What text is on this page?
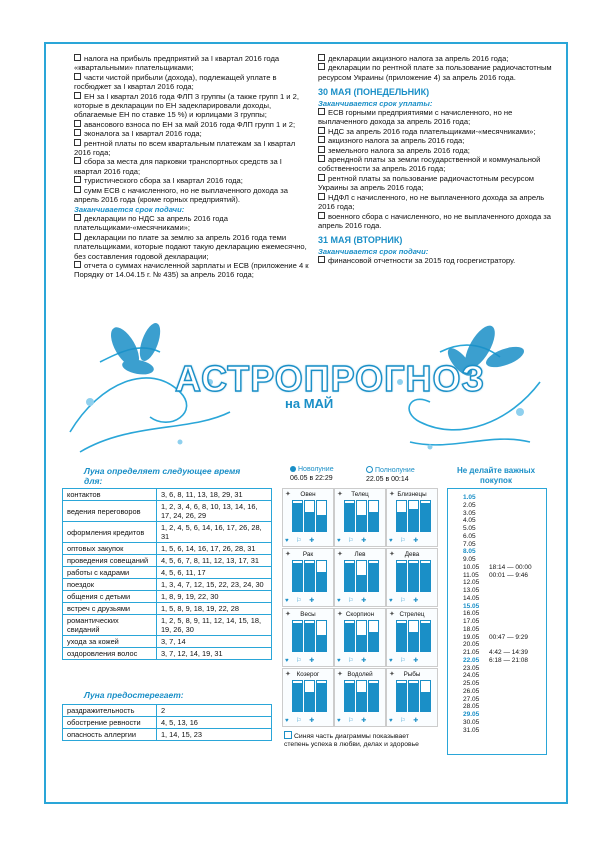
налога на прибыль предприятий за I квартал 2016 года «квартальными» плательщиками;

части чистой прибыли (дохода), подлежащей уплате в госбюджет за I квартал 2016 года;

ЕН за I квартал 2016 года ФЛП 3 группы (а также групп 1 и 2, которые в декларации по ЕН задекларировали доходы, облагаемые ЕН по ставке 15 %) и юрлицами 3 группы;

авансового взноса по ЕН за май 2016 года ФЛП групп 1 и 2;

эконалога за I квартал 2016 года;

рентной платы по всем квартальным платежам за I квартал 2016 года;

сбора за места для парковки транспортных средств за I квартал 2016 года;

туристического сбора за I квартал 2016 года;

сумм ЕСВ с начисленного, но не выплаченного дохода за апрель 2016 года (кроме горных предприятий).

Заканчивается срок подачи:

декларации по НДС за апрель 2016 года плательщиками-«месячниками»;

декларации по плате за землю за апрель 2016 года теми плательщиками, которые подают такую декларацию ежемесячно, без составления годовой декларации;

отчета о суммах начисленной зарплаты и ЕСВ (приложение 4 к Порядку от 14.04.15 г. № 435) за апрель 2016 года;

декларации акцизного налога за апрель 2016 года;

декларации по рентной плате за пользование радиочастотным ресурсом Украины (приложение 4) за апрель 2016 года.

30 МАЯ (ПОНЕДЕЛЬНИК)

Заканчивается срок уплаты:

ЕСВ горными предприятиями с начисленного, но не выплаченного дохода за апрель 2016 года;

НДС за апрель 2016 года плательщиками-«месячниками»;

акцизного налога за апрель 2016 года;

земельного налога за апрель 2016 года;

арендной платы за земли государственной и коммунальной собственности за апрель 2016 года;

рентной платы за пользование радиочастотным ресурсом Украины за апрель 2016 года;

НДФЛ с начисленного, но не выплаченного дохода за апрель 2016 года;

военного сбора с начисленного, но не выплаченного дохода за апрель 2016 года.

31 МАЯ (ВТОРНИК)

Заканчивается срок подачи:

финансовой отчетности за 2015 год госрегистратору.

АСТРОПРОГНОЗ
на МАЙ
Луна определяет следующее время для:
контактов	3, 6, 8, 11, 13, 18, 29, 31
ведения переговоров	1, 2, 3, 4, 6, 8, 10, 13, 14, 16, 17, 24, 26, 29
оформления кредитов	1, 2, 4, 5, 6, 14, 16, 17, 26, 28, 31
оптовых закупок	1, 5, 6, 14, 16, 17, 26, 28, 31
проведения совещаний	4, 5, 6, 7, 8, 11, 12, 13, 17, 31
работы с кадрами	4, 5, 6, 11, 17
поездок	1, 3, 4, 7, 12, 15, 22, 23, 24, 30
общения с детьми	1, 8, 9, 19, 22, 30
встреч с друзьями	1, 5, 8, 9, 18, 19, 22, 28
романтических свиданий	1, 2, 5, 8, 9, 11, 12, 14, 15, 18, 19, 26, 30
ухода за кожей	3, 7, 14
оздоровления волос	3, 7, 12, 14, 19, 31
Луна предостерегает:
раздражительность	2
обострение ревности	4, 5, 13, 16
опасность аллергии	1, 14, 15, 23
Новолуние
06.05 в 22:29
Полнолуние
22.05 в 00:14
✦	Овен
♥ ⚐ ✚
✦	Телец
♥ ⚐ ✚
✦ Близнецы
♥ ⚐ ✚
✦	Рак
♥ ⚐ ✚
✦	Лев
♥ ⚐ ✚
✦	Дева
♥ ⚐ ✚
✦	Весы
♥ ⚐ ✚
✦ Скорпион
♥ ⚐ ✚
✦ Стрелец
♥ ⚐ ✚
✦ Козерог
♥ ⚐ ✚
✦ Водолей
♥ ⚐ ✚
✦	Рыбы
♥ ⚐ ✚
Синяя часть диаграммы показывает степень успеха в любви, делах и здоровье
Не делайте важных покупок
1.05
2.05
3.05
4.05
5.05
6.05
7.05
8.05
9.05
10.05 18:14 — 00:00
11.05 00:01 — 9:46
12.05
13.05
14.05
15.05
16.05
17.05
18.05
19.05 00:47 — 9:29
20.05
21.05 4:42 — 14:39
22.05 6:18 — 21:08
23.05
24.05
25.05
26.05
27.05
28.05
29.05
30.05
31.05
